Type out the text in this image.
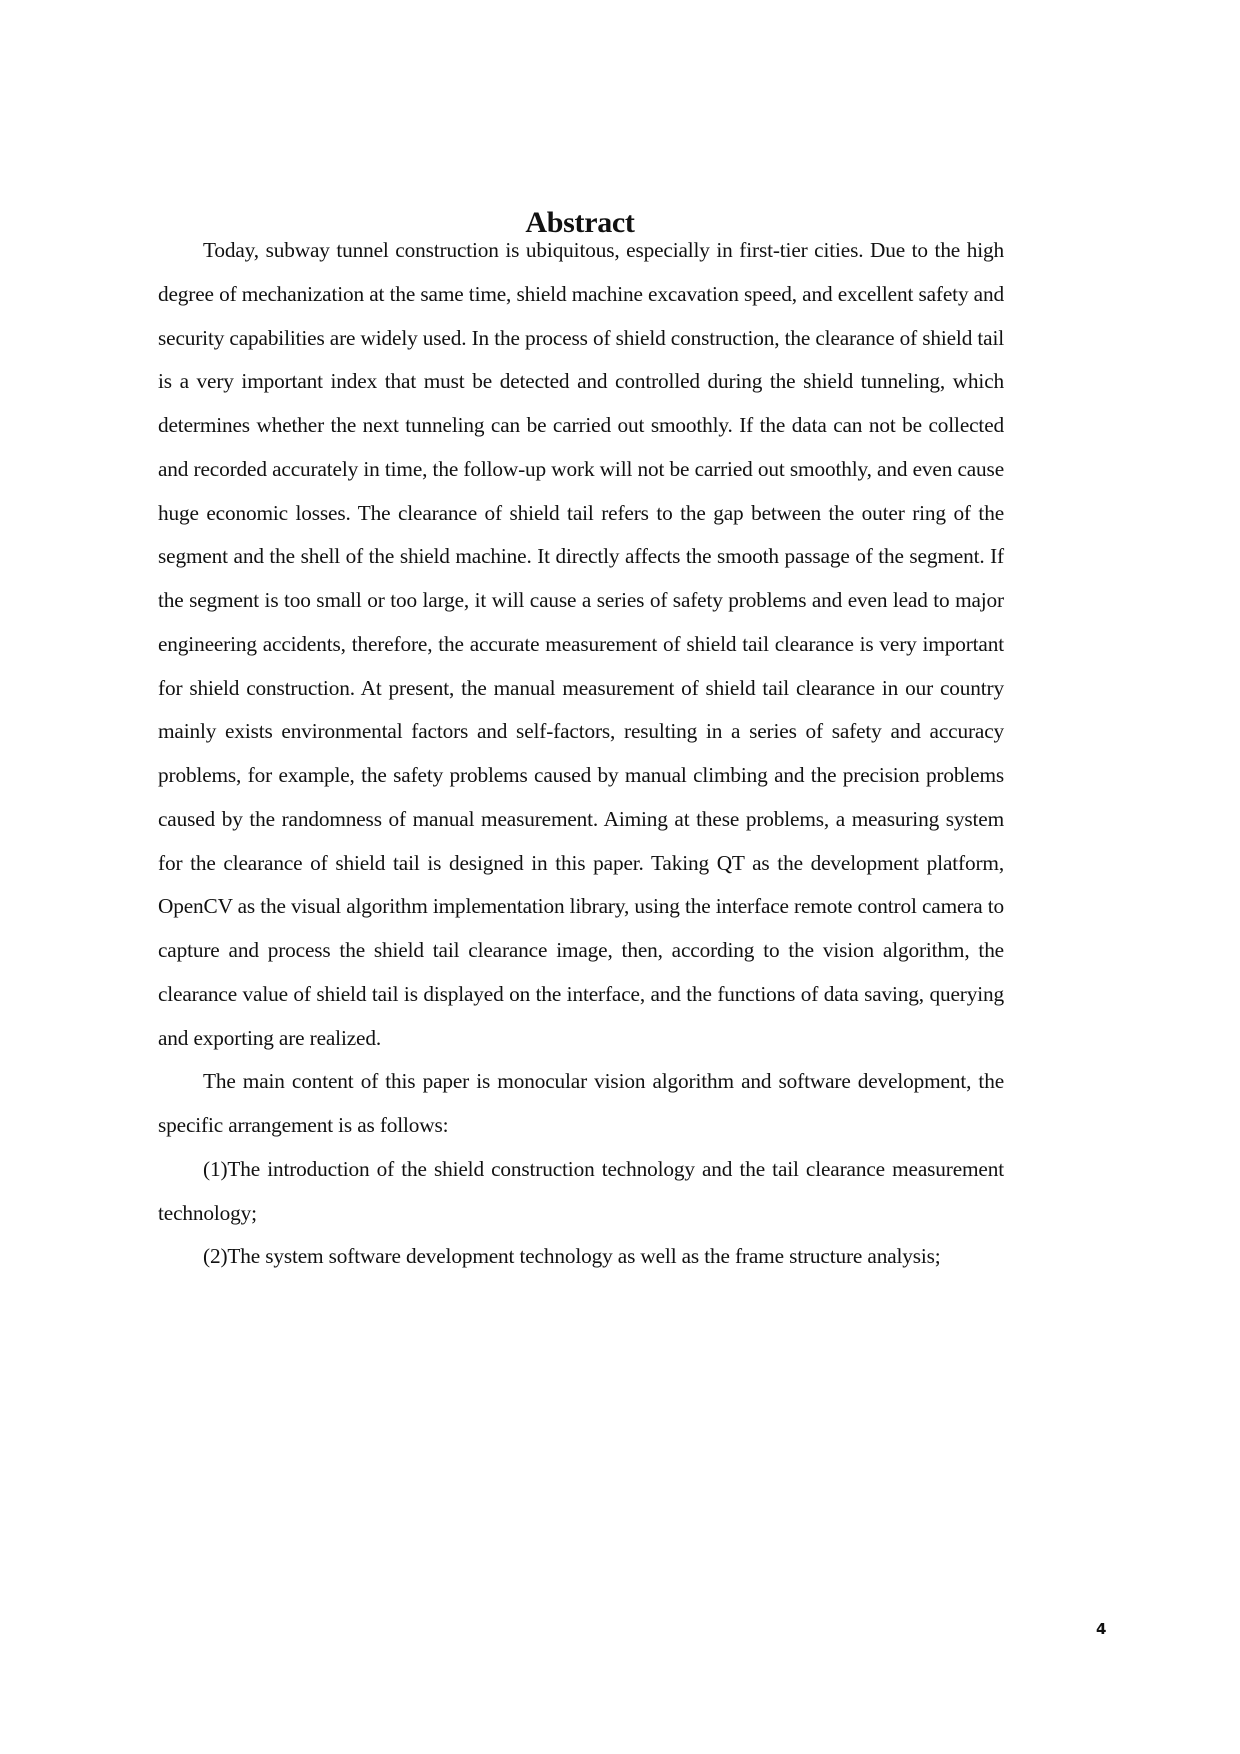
Abstract

Today, subway tunnel construction is ubiquitous, especially in first-tier cities. Due to the high degree of mechanization at the same time, shield machine excavation speed, and excellent safety and security capabilities are widely used. In the process of shield construction, the clearance of shield tail is a very important index that must be detected and controlled during the shield tunneling, which determines whether the next tunneling can be carried out smoothly. If the data can not be collected and recorded accurately in time, the follow-up work will not be carried out smoothly, and even cause huge economic losses. The clearance of shield tail refers to the gap between the outer ring of the segment and the shell of the shield machine. It directly affects the smooth passage of the segment. If the segment is too small or too large, it will cause a series of safety problems and even lead to major engineering accidents, therefore, the accurate measurement of shield tail clearance is very important for shield construction. At present, the manual measurement of shield tail clearance in our country mainly exists environmental factors and self-factors, resulting in a series of safety and accuracy problems, for example, the safety problems caused by manual climbing and the precision problems caused by the randomness of manual measurement. Aiming at these problems, a measuring system for the clearance of shield tail is designed in this paper. Taking QT as the development platform, OpenCV as the visual algorithm implementation library, using the interface remote control camera to capture and process the shield tail clearance image, then, according to the vision algorithm, the clearance value of shield tail is displayed on the interface, and the functions of data saving, querying and exporting are realized.

The main content of this paper is monocular vision algorithm and software development, the specific arrangement is as follows:

(1)The introduction of the shield construction technology and the tail clearance measurement technology;

(2)The system software development technology as well as the frame structure analysis;

4
